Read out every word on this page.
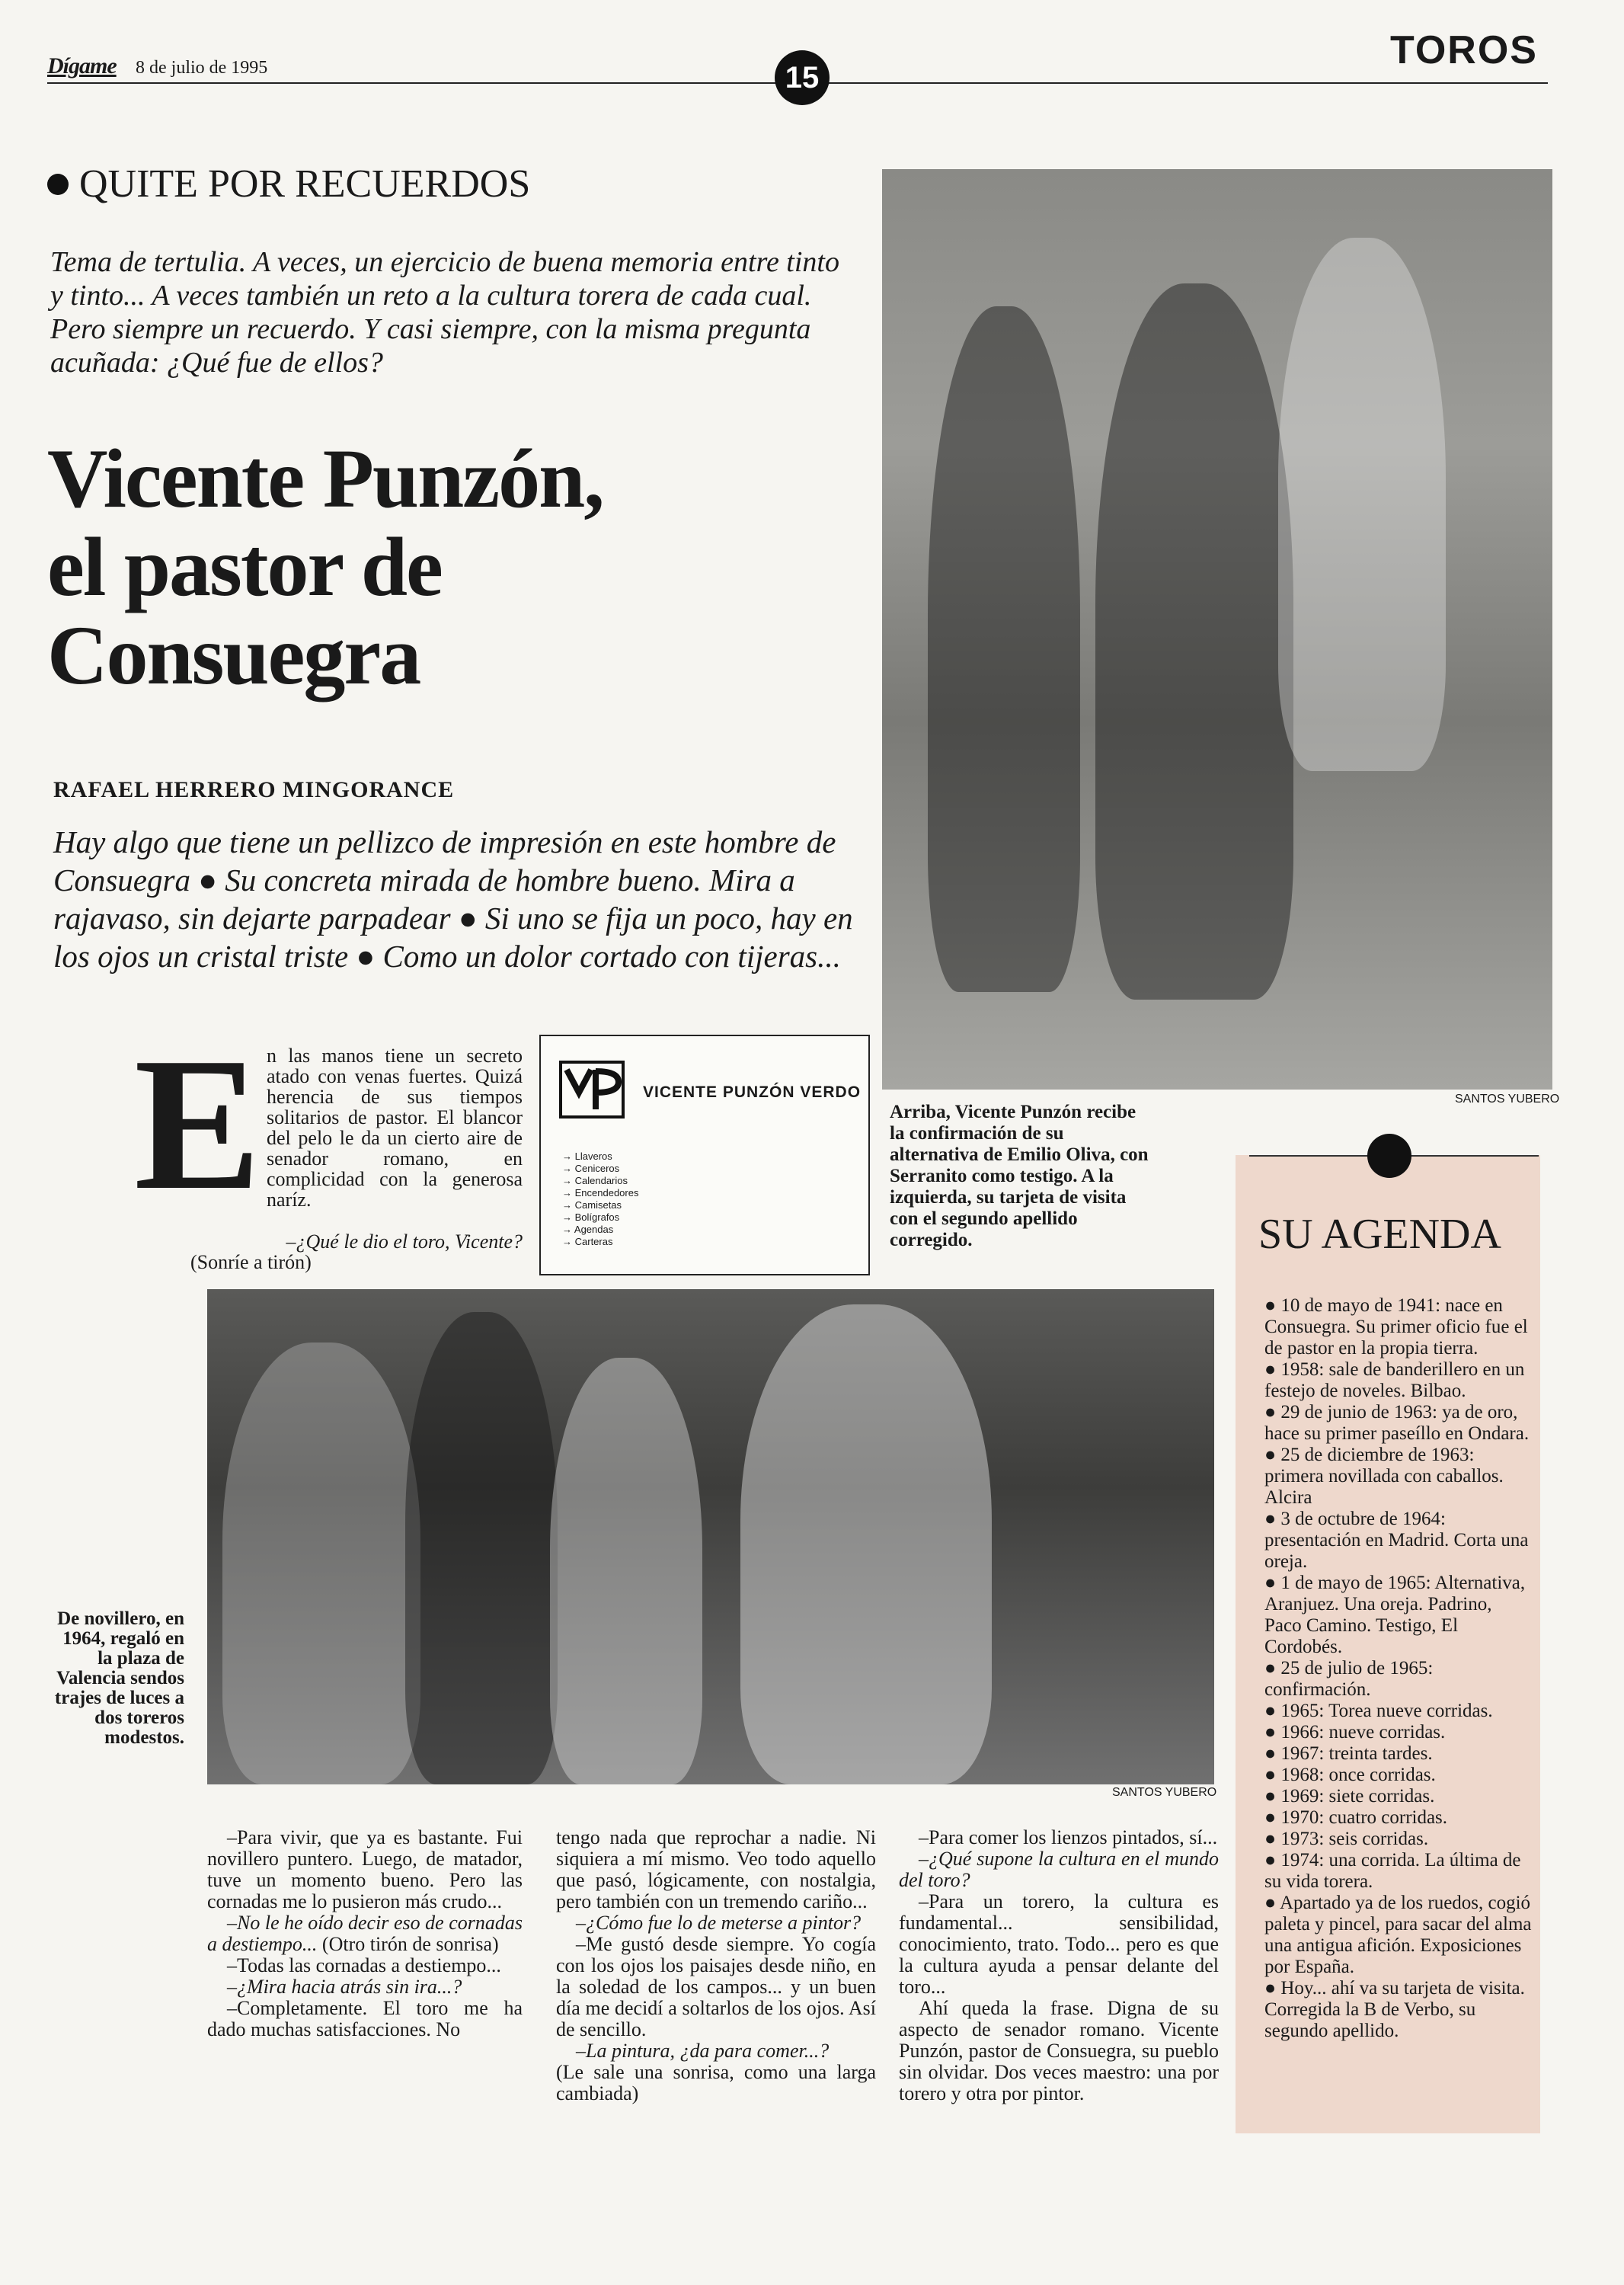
Dígame 8 de julio de 1995	15
TOROS
QUITE POR RECUERDOS
Tema de tertulia. A veces, un ejercicio de buena memoria entre tinto y tinto... A veces también un reto a la cultura torera de cada cual. Pero siempre un recuerdo. Y casi siempre, con la misma pregunta acuñada: ¿Qué fue de ellos?
Vicente Punzón,
el pastor de
Consuegra
RAFAEL HERRERO MINGORANCE
Hay algo que tiene un pellizco de impresión en este hombre de Consuegra ● Su concreta mirada de hombre bueno. Mira a rajavaso, sin dejarte parpadear ● Si uno se fija un poco, hay en los ojos un cristal triste ● Como un dolor cortado con tijeras...
SANTOS YUBERO
Arriba, Vicente Punzón recibe la confirmación de su alternativa de Emilio Oliva, con Serranito como testigo. A la izquierda, su tarjeta de visita con el segundo apellido corregido.
E n las manos tiene un secreto atado con venas fuertes. Quizá herencia de sus tiempos solitarios de pastor. El blancor del pelo le da un cierto aire de senador romano, en complicidad con la generosa naríz.
–¿Qué le dio el toro, Vicente?
(Sonríe a tirón)
VICENTE PUNZÓN VERDO
→ Llaveros
→ Ceniceros
→ Calendarios
→ Encendedores
→ Camisetas
→ Bolígrafos
→ Agendas
→ Carteras
SANTOS YUBERO
De novillero, en 1964, regaló en la plaza de Valencia sendos trajes de luces a dos toreros modestos.
SU AGENDA
● 10 de mayo de 1941: nace en Consuegra. Su primer oficio fue el de pastor en la propia tierra.
● 1958: sale de banderillero en un festejo de noveles. Bilbao.
● 29 de junio de 1963: ya de oro, hace su primer paseíllo en Ondara.
● 25 de diciembre de 1963: primera novillada con caballos. Alcira
● 3 de octubre de 1964: presentación en Madrid. Corta una oreja.
● 1 de mayo de 1965: Alternativa, Aranjuez. Una oreja. Padrino, Paco Camino. Testigo, El Cordobés.
● 25 de julio de 1965: confirmación.
● 1965: Torea nueve corridas.
● 1966: nueve corridas.
● 1967: treinta tardes.
● 1968: once corridas.
● 1969: siete corridas.
● 1970: cuatro corridas.
● 1973: seis corridas.
● 1974: una corrida. La última de su vida torera.
● Apartado ya de los ruedos, cogió paleta y pincel, para sacar del alma una antigua afición. Exposiciones por España.
● Hoy... ahí va su tarjeta de visita. Corregida la B de Verbo, su segundo apellido.
–Para vivir, que ya es bastante. Fui novillero puntero. Luego, de matador, tuve un momento bueno. Pero las cornadas me lo pusieron más crudo...
–No le he oído decir eso de cornadas a destiempo... (Otro tirón de sonrisa)
–Todas las cornadas a destiempo...
–¿Mira hacia atrás sin ira...?
–Completamente. El toro me ha dado muchas satisfacciones. No
tengo nada que reprochar a nadie. Ni siquiera a mí mismo. Veo todo aquello que pasó, lógicamente, con nostalgia, pero también con un tremendo cariño...
–¿Cómo fue lo de meterse a pintor?
–Me gustó desde siempre. Yo cogía con los ojos los paisajes desde niño, en la soledad de los campos... y un buen día me decidí a soltarlos de los ojos. Así de sencillo.
–La pintura, ¿da para comer...?
(Le sale una sonrisa, como una larga cambiada)
–Para comer los lienzos pintados, sí...
–¿Qué supone la cultura en el mundo del toro?
–Para un torero, la cultura es fundamental... sensibilidad, conocimiento, trato. Todo... pero es que la cultura ayuda a pensar delante del toro...
Ahí queda la frase. Digna de su aspecto de senador romano. Vicente Punzón, pastor de Consuegra, su pueblo sin olvidar. Dos veces maestro: una por torero y otra por pintor.
